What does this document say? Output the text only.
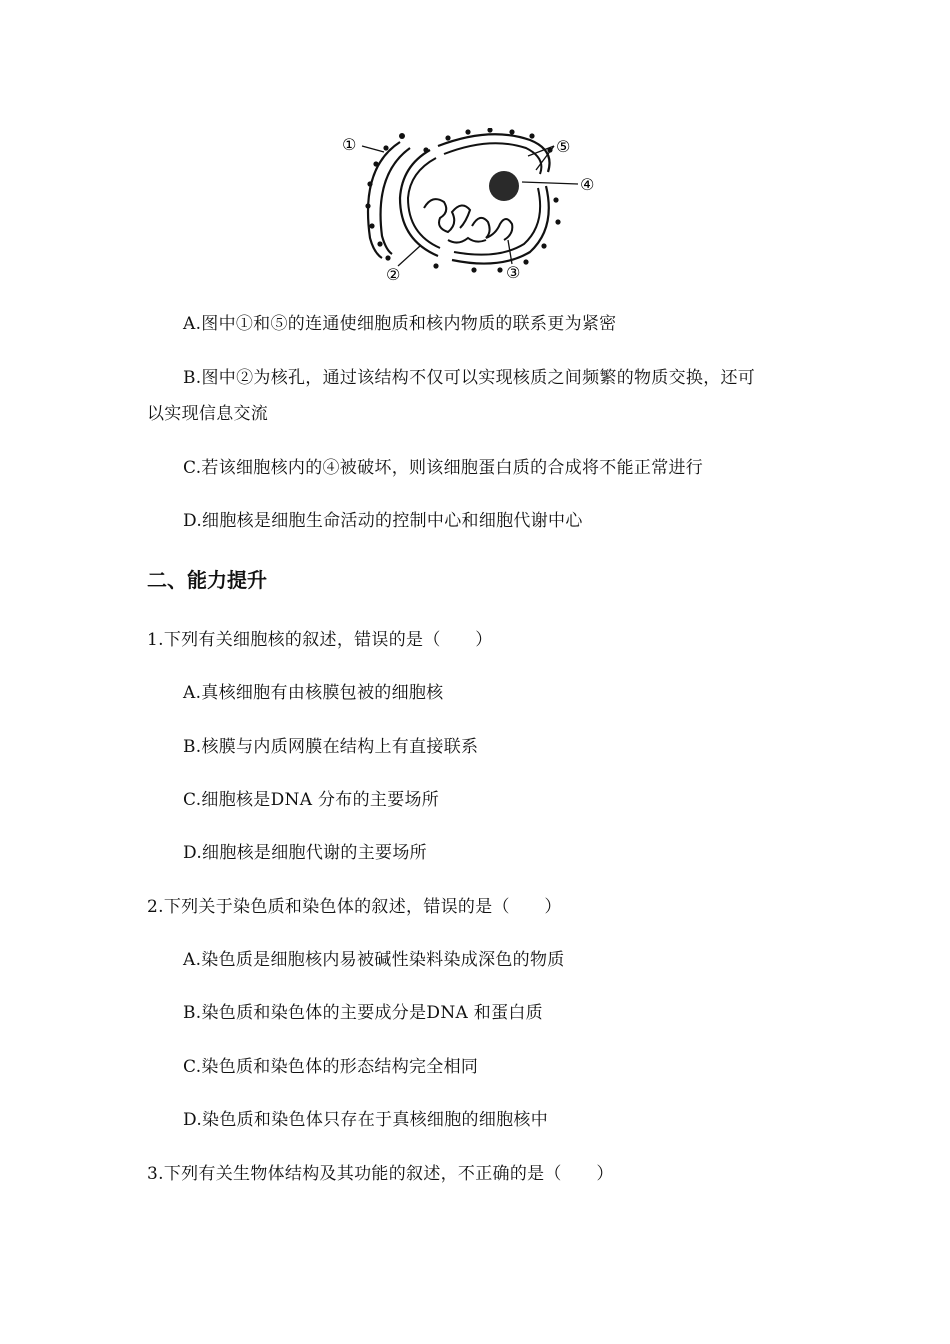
①	⑤
④
②	③
A.图中①和⑤的连通使细胞质和核内物质的联系更为紧密
B.图中②为核孔，通过该结构不仅可以实现核质之间频繁的物质交换，还可
以实现信息交流
C.若该细胞核内的④被破坏，则该细胞蛋白质的合成将不能正常进行
D.细胞核是细胞生命活动的控制中心和细胞代谢中心
二、能力提升
1.下列有关细胞核的叙述，错误的是（　　）
A.真核细胞有由核膜包被的细胞核
B.核膜与内质网膜在结构上有直接联系
C.细胞核是DNA 分布的主要场所
D.细胞核是细胞代谢的主要场所
2.下列关于染色质和染色体的叙述，错误的是（　　）
A.染色质是细胞核内易被碱性染料染成深色的物质
B.染色质和染色体的主要成分是DNA 和蛋白质
C.染色质和染色体的形态结构完全相同
D.染色质和染色体只存在于真核细胞的细胞核中
3.下列有关生物体结构及其功能的叙述，不正确的是（　　）
